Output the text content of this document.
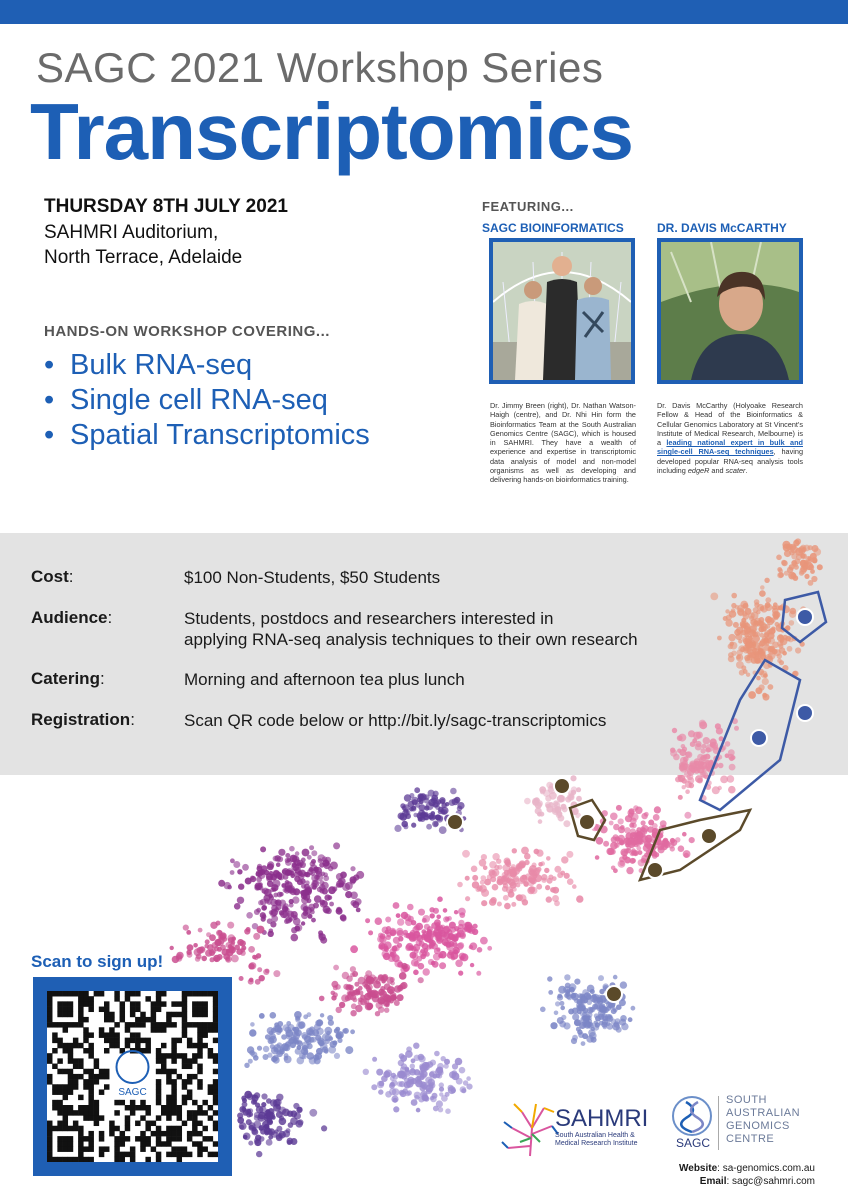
SAGC 2021 Workshop Series
Transcriptomics
THURSDAY 8TH JULY 2021
SAHMRI Auditorium,
North Terrace, Adelaide
HANDS-ON WORKSHOP COVERING...
• Bulk RNA-seq
• Single cell RNA-seq
• Spatial Transcriptomics
FEATURING...
SAGC BIOINFORMATICS
Dr. Jimmy Breen (right), Dr. Nathan Watson-Haigh (centre), and Dr. Nhi Hin form the Bioinformatics Team at the South Australian Genomics Centre (SAGC), which is housed in SAHMRI. They have a wealth of experience and expertise in transcriptomic data analysis of model and non-model organisms as well as developing and delivering hands-on bioinformatics training.
DR. DAVIS McCARTHY
Dr. Davis McCarthy (Holyoake Research Fellow & Head of the Bioinformatics & Cellular Genomics Laboratory at St Vincent's Institute of Medical Research, Melbourne) is a leading national expert in bulk and single-cell RNA-seq techniques, having developed popular RNA-seq analysis tools including edgeR and scater.
Cost:	$100 Non-Students, $50 Students
Audience:	Students, postdocs and researchers interested in
applying RNA-seq analysis techniques to their own research
Catering:	Morning and afternoon tea plus lunch
Registration:	Scan QR code below or http://bit.ly/sagc-transcriptomics
Scan to sign up!
SAGC
SAHMRI
South Australian Health & Medical Research Institute	SAGC
SOUTH
AUSTRALIAN
GENOMICS
CENTRE
Website: sa-genomics.com.au
Email: sagc@sahmri.com
